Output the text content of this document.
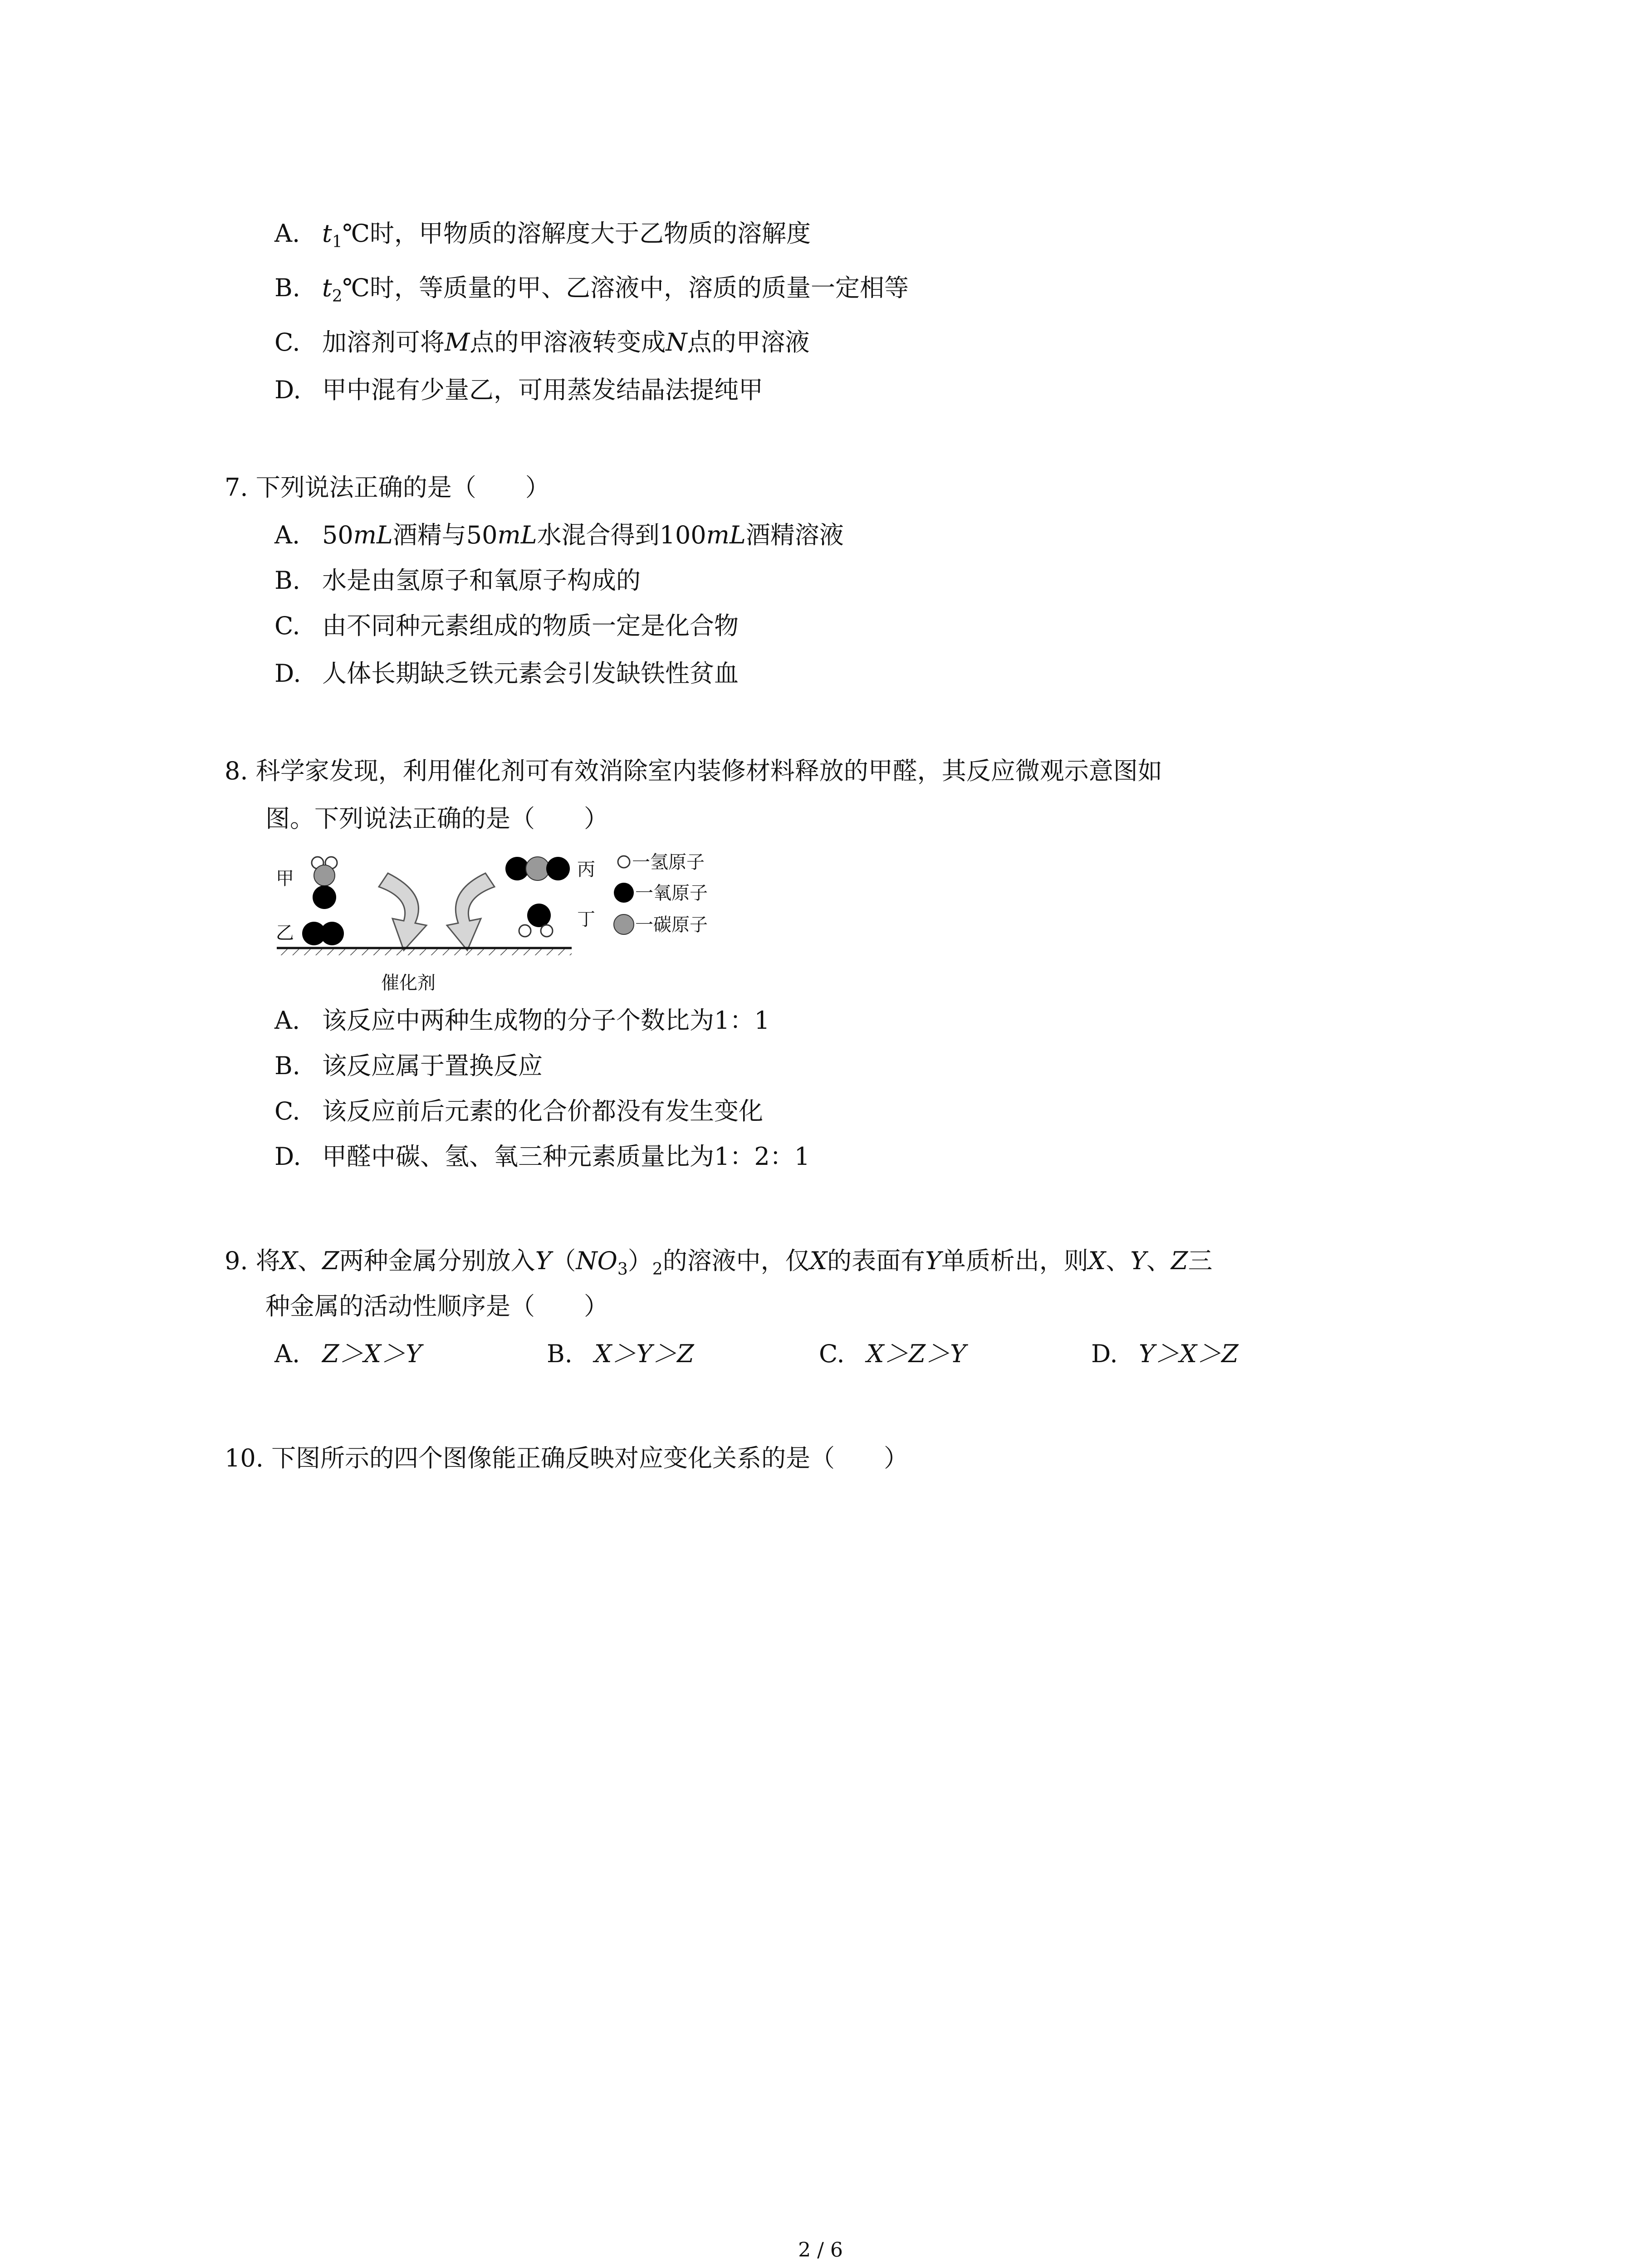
A. $t_1℃$时，甲物质的溶解度大于乙物质的溶解度
B. $t_2℃$时，等质量的甲、乙溶液中，溶质的质量一定相等
C. 加溶剂可将M点的甲溶液转变成N点的甲溶液
D. 甲中混有少量乙，可用蒸发结晶法提纯甲
7. 下列说法正确的是（　　）
A. 50mL酒精与50mL水混合得到100mL酒精溶液
B. 水是由氢原子和氧原子构成的
C. 由不同种元素组成的物质一定是化合物
D. 人体长期缺乏铁元素会引发缺铁性贫血
8. 科学家发现，利用催化剂可有效消除室内装修材料释放的甲醛，其反应微观示意图如
图。下列说法正确的是（　　）
甲
乙
丙
丁
催化剂
一氢原子
一氧原子
一碳原子
A. 该反应中两种生成物的分子个数比为1：1
B. 该反应属于置换反应
C. 该反应前后元素的化合价都没有发生变化
D. 甲醛中碳、氢、氧三种元素质量比为1：2：1
9. 将X、Z两种金属分别放入$Y(NO_3)_2$的溶液中，仅X的表面有Y单质析出，则X、Y、Z三
种金属的活动性顺序是（　　）
A. Z＞X＞Y	B. X＞Y＞Z	C. X＞Z＞Y	D. Y＞X＞Z
10. 下图所示的四个图像能正确反映对应变化关系的是（　　）
2 / 6
